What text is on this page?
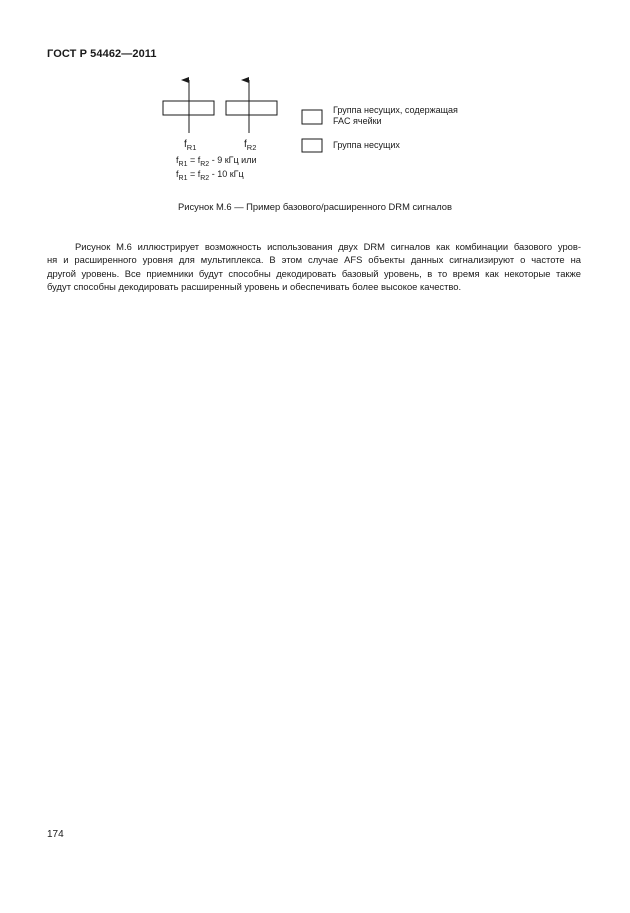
ГОСТ Р 54462—2011
$f_{R1}$	$f_{R2}$
$f_{R1} = f_{R2} - 9$ кГц или
$f_{R1} = f_{R2} - 10$ кГц
Группа несущих, содержащая FAC ячейки
Группа несущих
Рисунок М.6 — Пример базового/расширенного DRM сигналов

Рисунок М.6 иллюстрирует возможность использования двух DRM сигналов как комбинации базового уров-
ня и расширенного уровня для мультиплекса. В этом случае AFS объекты данных сигнализируют о частоте на
другой уровень. Все приемники будут способны декодировать базовый уровень, в то время как некоторые также
будут способны декодировать расширенный уровень и обеспечивать более высокое качество.

174
